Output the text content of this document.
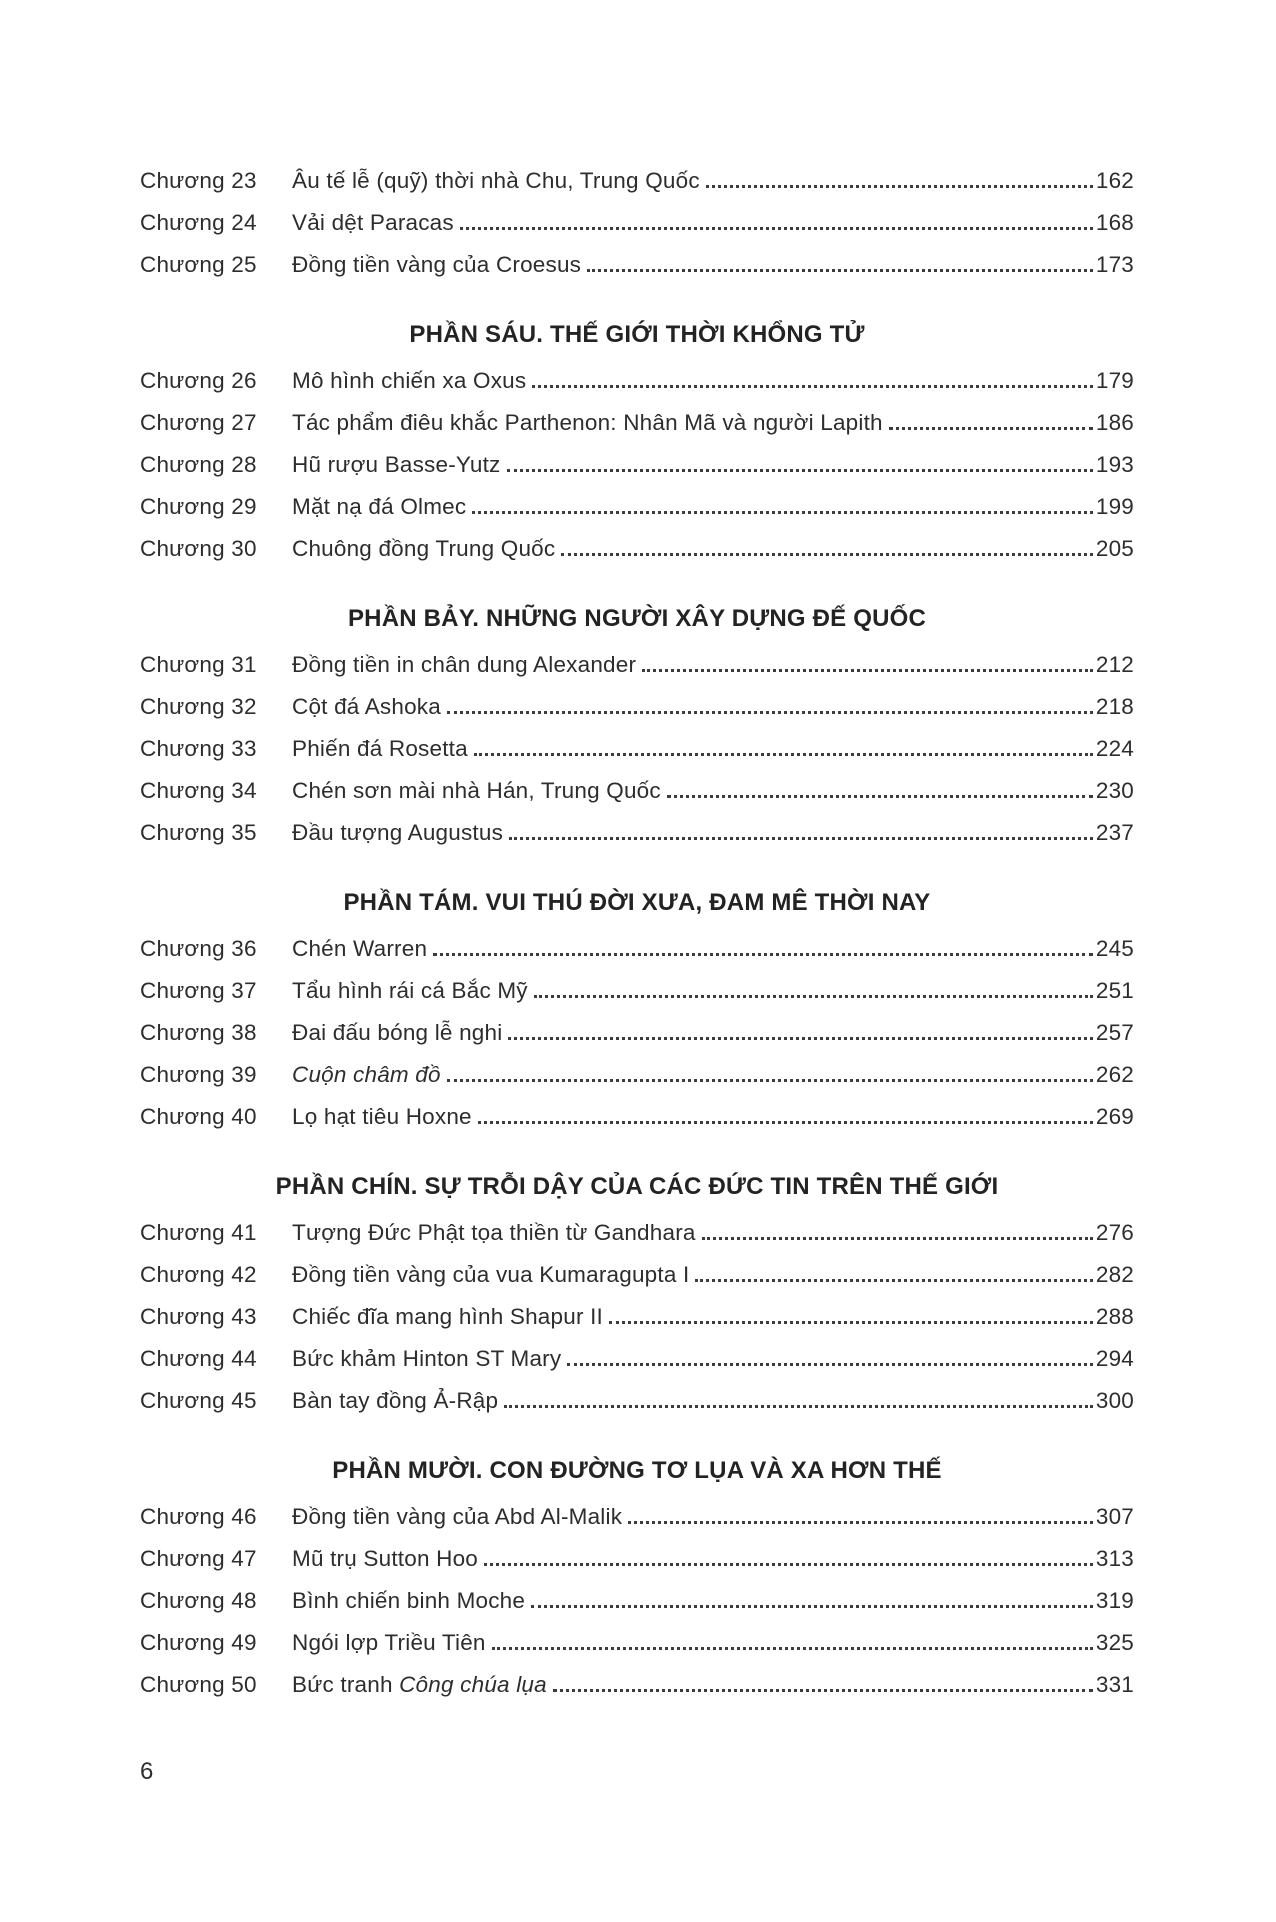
Chương 23	Âu tế lễ (quỹ) thời nhà Chu, Trung Quốc	162
Chương 24	Vải dệt Paracas	168
Chương 25	Đồng tiền vàng của Croesus	173
PHẦN SÁU. THẾ GIỚI THỜI KHỔNG TỬ
Chương 26	Mô hình chiến xa Oxus	179
Chương 27	Tác phẩm điêu khắc Parthenon: Nhân Mã và người Lapith	186
Chương 28	Hũ rượu Basse-Yutz	193
Chương 29	Mặt nạ đá Olmec	199
Chương 30	Chuông đồng Trung Quốc	205
PHẦN BẢY. NHỮNG NGƯỜI XÂY DỰNG ĐẾ QUỐC
Chương 31	Đồng tiền in chân dung Alexander	212
Chương 32	Cột đá Ashoka	218
Chương 33	Phiến đá Rosetta	224
Chương 34	Chén sơn mài nhà Hán, Trung Quốc	230
Chương 35	Đầu tượng Augustus	237
PHẦN TÁM. VUI THÚ ĐỜI XƯA, ĐAM MÊ THỜI NAY
Chương 36	Chén Warren	245
Chương 37	Tẩu hình rái cá Bắc Mỹ	251
Chương 38	Đai đấu bóng lễ nghi	257
Chương 39	Cuộn châm đồ	262
Chương 40	Lọ hạt tiêu Hoxne	269
PHẦN CHÍN. SỰ TRỖI DẬY CỦA CÁC ĐỨC TIN TRÊN THẾ GIỚI
Chương 41	Tượng Đức Phật tọa thiền từ Gandhara	276
Chương 42	Đồng tiền vàng của vua Kumaragupta I	282
Chương 43	Chiếc đĩa mang hình Shapur II	288
Chương 44	Bức khảm Hinton ST Mary	294
Chương 45	Bàn tay đồng Ả-Rập	300
PHẦN MƯỜI. CON ĐƯỜNG TƠ LỤA VÀ XA HƠN THẾ
Chương 46	Đồng tiền vàng của Abd Al-Malik	307
Chương 47	Mũ trụ Sutton Hoo	313
Chương 48	Bình chiến binh Moche	319
Chương 49	Ngói lợp Triều Tiên	325
Chương 50	Bức tranh Công chúa lụa	331
6
